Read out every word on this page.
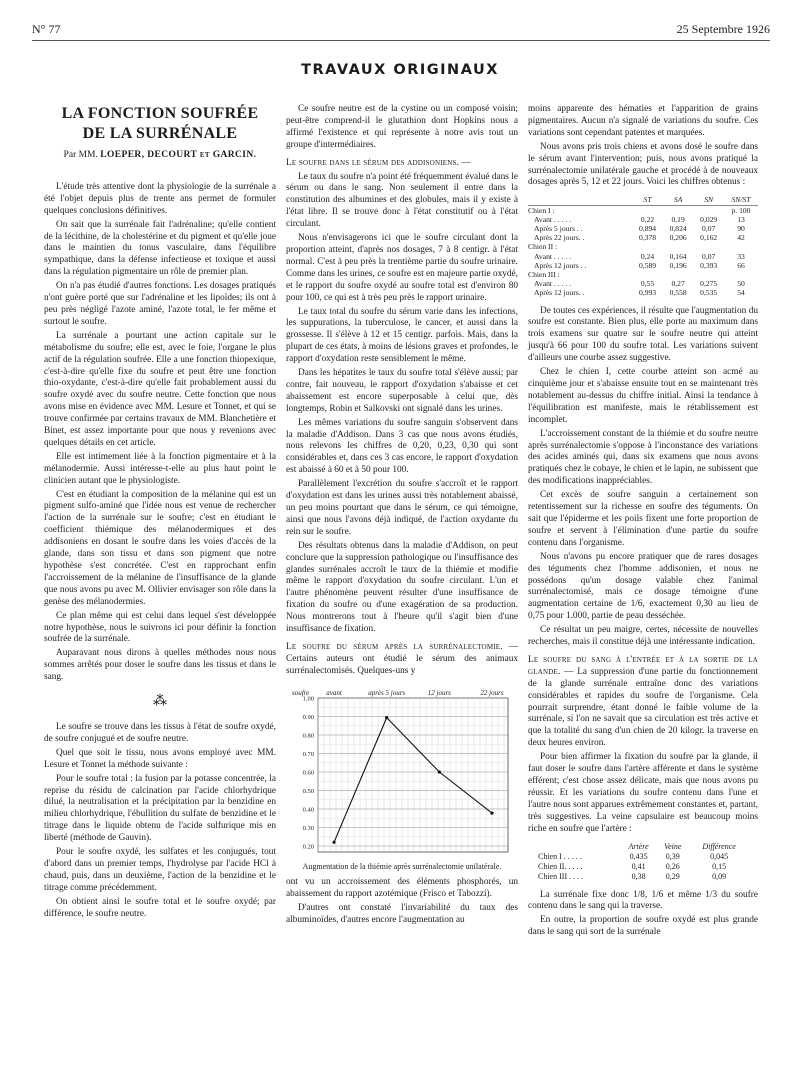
N° 77	25 Septembre 1926
TRAVAUX ORIGINAUX
LA FONCTION SOUFRÉE
DE LA SURRÉNALE
Par MM. LOEPER, DECOURT et GARCIN.

L'étude très attentive dont la physiologie de la surrénale a été l'objet depuis plus de trente ans permet de formuler quelques conclusions définitives.

On sait que la surrénale fait l'adrénaline; qu'elle contient de la lécithine, de la cholestérine et du pigment et qu'elle joue dans le maintien du tonus vasculaire, dans l'équilibre sympathique, dans la défense infectieuse et toxique et aussi dans la régulation pigmentaire un rôle de premier plan.

On n'a pas étudié d'autres fonctions. Les dosages pratiqués n'ont guère porté que sur l'adrénaline et les lipoïdes; ils ont à peu près négligé l'azote aminé, l'azote total, le fer même et surtout le soufre.

La surrénale a pourtant une action capitale sur le métabolisme du soufre; elle est, avec le foie, l'organe le plus actif de la régulation soufrée. Elle a une fonction thiopexique, c'est-à-dire qu'elle fixe du soufre et peut être une fonction thio-oxydante, c'est-à-dire qu'elle fait probablement aussi du soufre oxydé avec du soufre neutre. Cette fonction que nous avons mise en évidence avec MM. Lesure et Tonnet, et qui se trouve confirmée par certains travaux de MM. Blanchetière et Binet, est assez importante pour que nous y revenions avec quelques détails en cet article.

Elle est intimement liée à la fonction pigmentaire et à la mélanodermie. Aussi intéresse-t-elle au plus haut point le clinicien autant que le physiologiste.

C'est en étudiant la composition de la mélanine qui est un pigment sulfo-aminé que l'idée nous est venue de rechercher l'action de la surrénale sur le soufre; c'est en étudiant le coefficient thiémique des mélanodermiques et des addisoniens en dosant le soufre dans les voies d'accès de la glande, dans son tissu et dans son pigment que notre hypothèse s'est concrétée. C'est en rapprochant enfin l'accroissement de la mélanine de l'insuffisance de la glande que nous avons pu avec M. Ollivier envisager son rôle dans la genèse des mélanodermies.

Ce plan même qui est celui dans lequel s'est développée notre hypothèse, nous le suivrons ici pour définir la fonction soufrée de la surrénale.

Auparavant nous dirons à quelles méthodes nous nous sommes arrêtés pour doser le soufre dans les tissus et dans le sang.

⁂

Le soufre se trouve dans les tissus à l'état de soufre oxydé, de soufre conjugué et de soufre neutre.

Quel que soit le tissu, nous avons employé avec MM. Lesure et Tonnet la méthode suivante :

Pour le soufre total : la fusion par la potasse concentrée, la reprise du résidu de calcination par l'acide chlorhydrique dilué, la neutralisation et la précipitation par la benzidine en milieu chlorhydrique, l'ébullition du sulfate de benzidine et le titrage dans le liquide obtenu de l'acide sulfurique mis en liberté (méthode de Gauvin).

Pour le soufre oxydé, les sulfates et les conjugués, tout d'abord dans un premier temps, l'hydrolyse par l'acide HCl à chaud, puis, dans un deuxième, l'action de la benzidine et le titrage comme précédemment.

On obtient ainsi le soufre total et le soufre oxydé; par différence, le soufre neutre.

Ce soufre neutre est de la cystine ou un composé voisin; peut-être comprend-il le glutathion dont Hopkins nous a affirmé l'existence et qui représente à notre avis tout un groupe d'intermédiaires.

Le soufre dans le sérum des addisoniens. —

Le taux du soufre n'a point été fréquemment évalué dans le sérum ou dans le sang. Non seulement il entre dans la constitution des albumines et des globules, mais il y existe à l'état libre. Il se trouve donc à l'état constitutif ou à l'état circulant.

Nous n'envisagerons ici que le soufre circulant dont la proportion atteint, d'après nos dosages, 7 à 8 centigr. à l'état normal. C'est à peu près la trentième partie du soufre urinaire. Comme dans les urines, ce soufre est en majeure partie oxydé, et le rapport du soufre oxydé au soufre total est d'environ 80 pour 100, ce qui est à très peu près le rapport urinaire.

Le taux total du soufre du sérum varie dans les infections, les suppurations, la tuberculose, le cancer, et aussi dans la grossesse. Il s'élève à 12 et 15 centigr. parfois. Mais, dans la plupart de ces états, à moins de lésions graves et profondes, le rapport d'oxydation reste sensiblement le même.

Dans les hépatites le taux du soufre total s'élève aussi; par contre, fait nouveau, le rapport d'oxydation s'abaisse et cet abaissement est encore superposable à celui que, dès longtemps, Robin et Salkovski ont signalé dans les urines.

Les mêmes variations du soufre sanguin s'observent dans la maladie d'Addison. Dans 3 cas que nous avons étudiés, nous relevons les chiffres de 0,20, 0,23, 0,30 qui sont considérables et, dans ces 3 cas encore, le rapport d'oxydation est abaissé à 60 et à 50 pour 100.

Parallèlement l'excrétion du soufre s'accroît et le rapport d'oxydation est dans les urines aussi très notablement abaissé, un peu moins pourtant que dans le sérum, ce qui témoigne, ainsi que nous l'avons déjà indiqué, de l'action oxydante du rein sur le soufre.

Des résultats obtenus dans la maladie d'Addison, on peut conclure que la suppression pathologique ou l'insuffisance des glandes surrénales accroît le taux de la thiémie et modifie même le rapport d'oxydation du soufre circulant. L'un et l'autre phénomène peuvent résulter d'une insuffisance de fixation du soufre ou d'une exagération de sa production. Nous montrerons tout à l'heure qu'il s'agit bien d'une insuffisance de fixation.

Le soufre du sérum après la surrénalectomie. — Certains auteurs ont étudié le sérum des animaux surrénalectomisés. Quelques-uns y

1.00
0.90
0.80
0.70
0.60
0.50
0.40
0.30
0.20
soufre avant	après 5 jours	12 jours	22 jours
Augmentation de la thiémie après surrénalectomie unilatérale.

ont vu un accroissement des éléments phosphorés, un abaissement du rapport azotémique (Frisco et Tabozzi).

D'autres ont constaté l'invariabilité du taux des albuminoïdes, d'autres encore l'augmentation au

moins apparente des hématies et l'apparition de grains pigmentaires. Aucun n'a signalé de variations du soufre. Ces variations sont cependant patentes et marquées.

Nous avons pris trois chiens et avons dosé le soufre dans le sérum avant l'intervention; puis, nous avons pratiqué la surrénalectomie unilatérale gauche et procédé à de nouveaux dosages après 5, 12 et 22 jours. Voici les chiffres obtenus :

	ST	SA	SN	SN/ST
Chien I :				p. 100
Avant . . . . .	0,22	0,19	0,029	13
Après 5 jours . .	0,894	0,824	0,07	90
Après 22 jours. .	0,378	0,206	0,162	42
Chien II :				
Avant . . . . .	0,24	0,164	0,07	33
Après 12 jours . .	0,589	0,196	0,393	66
Chien III :				
Avant . . . . .	0,55	0,27	0,275	50
Après 12 jours. .	0,993	0,558	0,535	54

De toutes ces expériences, il résulte que l'augmentation du soufre est constante. Bien plus, elle porte au maximum dans trois examens sur quatre sur le soufre neutre qui atteint jusqu'à 66 pour 100 du soufre total. Les variations suivent d'ailleurs une courbe assez suggestive.

Chez le chien I, cette courbe atteint son acmé au cinquième jour et s'abaisse ensuite tout en se maintenant très notablement au-dessus du chiffre initial. Ainsi la tendance à l'équilibration est manifeste, mais le rétablissement est incomplet.

L'accroissement constant de la thiémie et du soufre neutre après surrénalectomie s'oppose à l'inconstance des variations des acides aminés qui, dans six examens que nous avons pratiqués chez le cobaye, le chien et le lapin, ne subissent que des modifications inappréciables.

Cet excès de soufre sanguin a certainement son retentissement sur la richesse en soufre des téguments. On sait que l'épiderme et les poils fixent une forte proportion de soufre et servent à l'élimination d'une partie du soufre contenu dans l'organisme.

Nous n'avons pu encore pratiquer que de rares dosages des téguments chez l'homme addisonien, et nous ne possédons qu'un dosage valable chez l'animal surrénalectomisé, mais ce dosage témoigne d'une augmentation certaine de 1/6, exactement 0,30 au lieu de 0,75 pour 1.000, partie de peau desséchée.

Ce résultat un peu maigre, certes, nécessite de nouvelles recherches, mais il constitue déjà une intéressante indication.

Le soufre du sang à l'entrée et à la sortie de la glande. — La suppression d'une partie du fonctionnement de la glande surrénale entraîne donc des variations considérables et rapides du soufre de l'organisme. Cela pourrait surprendre, étant donné le faible volume de la surrénale, si l'on ne savait que sa circulation est très active et que la totalité du sang d'un chien de 20 kilogr. la traverse en deux heures environ.

Pour bien affirmer la fixation du soufre par la glande, il faut doser le soufre dans l'artère afférente et dans le système efférent; c'est chose assez délicate, mais que nous avons pu réussir. Et les variations du soufre contenu dans l'une et l'autre nous sont apparues extrêmement constantes et, partant, très suggestives. La veine capsulaire est beaucoup moins riche en soufre que l'artère :

	Artère	Veine	Différence
Chien I . . . . .	0,435	0,39	0,045
Chien II. . . . .	0,41	0,26	0,15
Chien III . . . .	0,38	0,29	0,09

La surrénale fixe donc 1/8, 1/6 et même 1/3 du soufre contenu dans le sang qui la traverse.

En outre, la proportion de soufre oxydé est plus grande dans le sang qui sort de la surrénale
